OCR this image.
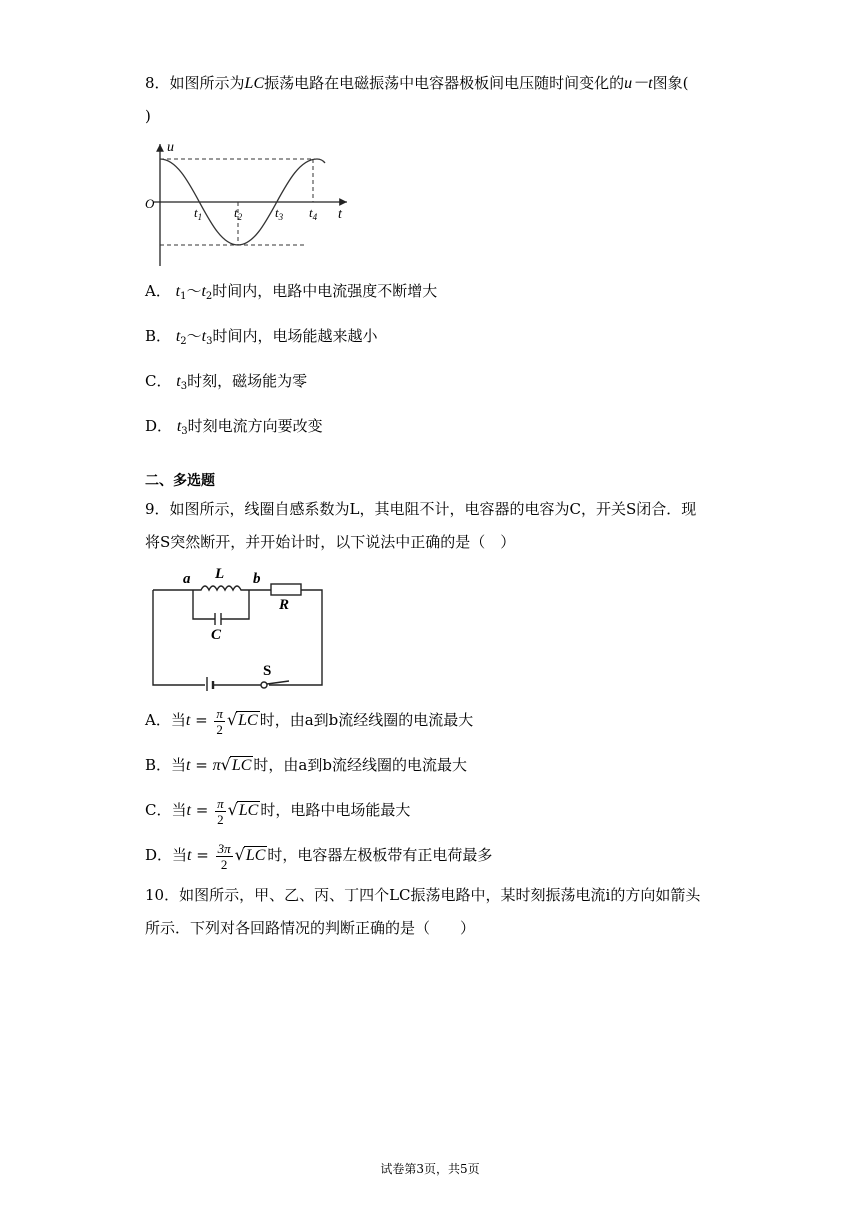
8．如图所示为LC振荡电路在电磁振荡中电容器极板间电压随时间变化的u－t图象(
)
u
O
t
$t_1$ $t_2$	$t_3$ $t_4$
A． $t_1\sim t_2$时间内，电路中电流强度不断增大
B． $t_2\sim t_3$时间内，电场能越来越小
C． $t_3$时刻，磁场能为零
D． $t_3$时刻电流方向要改变
二、多选题
9．如图所示，线圈自感系数为L，其电阻不计，电容器的电容为C，开关S闭合．现
将S突然断开，并开始计时，以下说法中正确的是（　）
a L b
R
C
S
A．当$t = \frac{\pi}{2} √LC$ 时，由a到b流经线圈的电流最大
B．当t = π√LC 时，由a到b流经线圈的电流最大
C．当$t = \frac{\pi}{2} √LC$ 时，电路中电场能最大
D．当$t = \frac{3\pi}{2} √LC$ 时，电容器左极板带有正电荷最多
10．如图所示，甲、乙、丙、丁四个LC振荡电路中，某时刻振荡电流i的方向如箭头
所示．下列对各回路情况的判断正确的是（　　）
试卷第3页，共5页
